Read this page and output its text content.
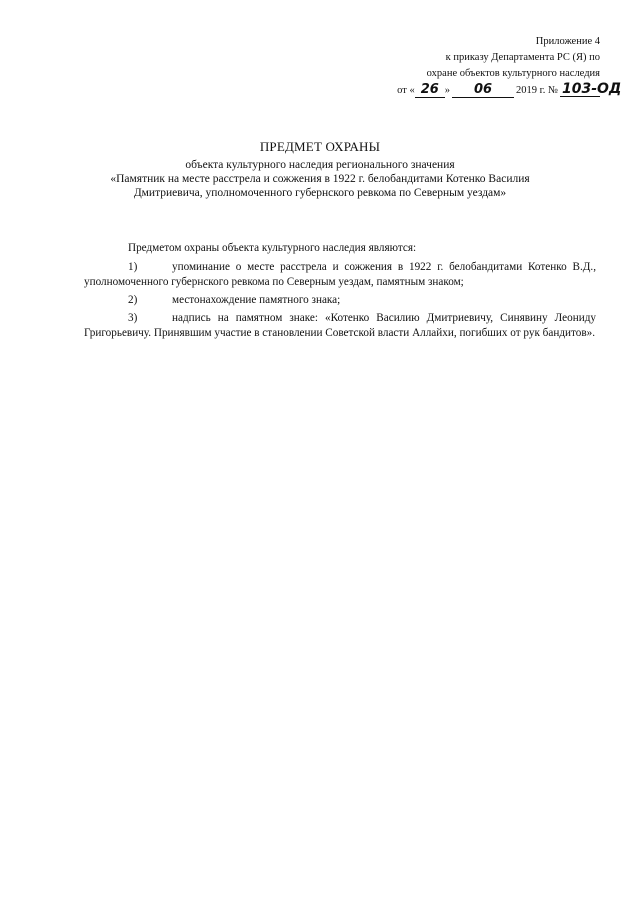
Приложение 4
к приказу Департамента РС (Я) по
охране объектов культурного наследия
от « 26 »	06	2019 г. № 103-ОД
ПРЕДМЕТ ОХРАНЫ
объекта культурного наследия регионального значения
«Памятник на месте расстрела и сожжения в 1922 г. белобандитами Котенко Василия
Дмитриевича, уполномоченного губернского ревкома по Северным уездам»

Предметом охраны объекта культурного наследия являются:

1)	упоминание о месте расстрела и сожжения в 1922 г. белобандитами Котенко В.Д., уполномоченного губернского ревкома по Северным уездам, памятным знаком;

2)	местонахождение памятного знака;

3)	надпись на памятном знаке: «Котенко Василию Дмитриевичу, Синявину Леониду Григорьевичу. Принявшим участие в становлении Советской власти Аллайхи, погибших от рук бандитов».
